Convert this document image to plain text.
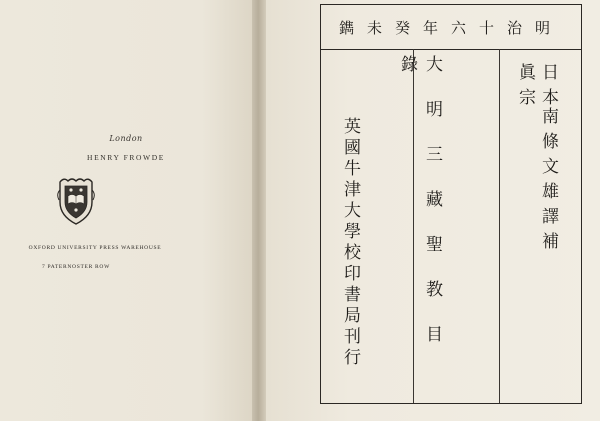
London
HENRY FROWDE
OXFORD UNIVERSITY PRESS WAREHOUSE
7 PATERNOSTER ROW
明治十六年癸未鐫
日本
眞宗
南條文雄譯補
大明三藏聖教目錄
英國牛津大學校印書局刊行
